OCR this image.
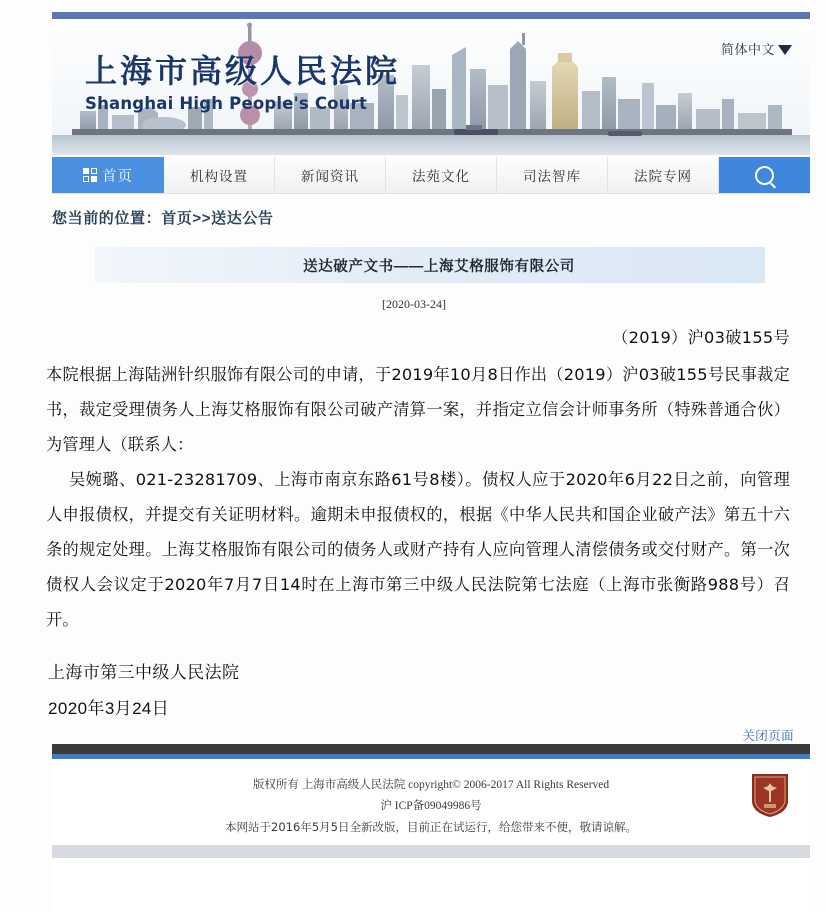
简体中文
上海市高级人民法院
Shanghai High People's Court
首页	机构设置	新闻资讯	法苑文化	司法智库	法院专网
您当前的位置：首页>>送达公告
送达破产文书——上海艾格服饰有限公司
[2020-03-24]
（2019）沪03破155号
本院根据上海陆洲针织服饰有限公司的申请，于2019年10月8日作出（2019）沪03破155号民事裁定书，裁定受理债务人上海艾格服饰有限公司破产清算一案，并指定立信会计师事务所（特殊普通合伙）为管理人（联系人：
吴婉璐、021-23281709、上海市南京东路61号8楼）。债权人应于2020年6月22日之前，向管理人申报债权，并提交有关证明材料。逾期未申报债权的，根据《中华人民共和国企业破产法》第五十六条的规定处理。上海艾格服饰有限公司的债务人或财产持有人应向管理人清偿债务或交付财产。第一次债权人会议定于2020年7月7日14时在上海市第三中级人民法院第七法庭（上海市张衡路988号）召开。
上海市第三中级人民法院
2020年3月24日
关闭页面
版权所有 上海市高级人民法院 copyright© 2006-2017 All Rights Reserved
沪 ICP备09049986号
本网站于2016年5月5日全新改版，目前正在试运行，给您带来不便，敬请谅解。
